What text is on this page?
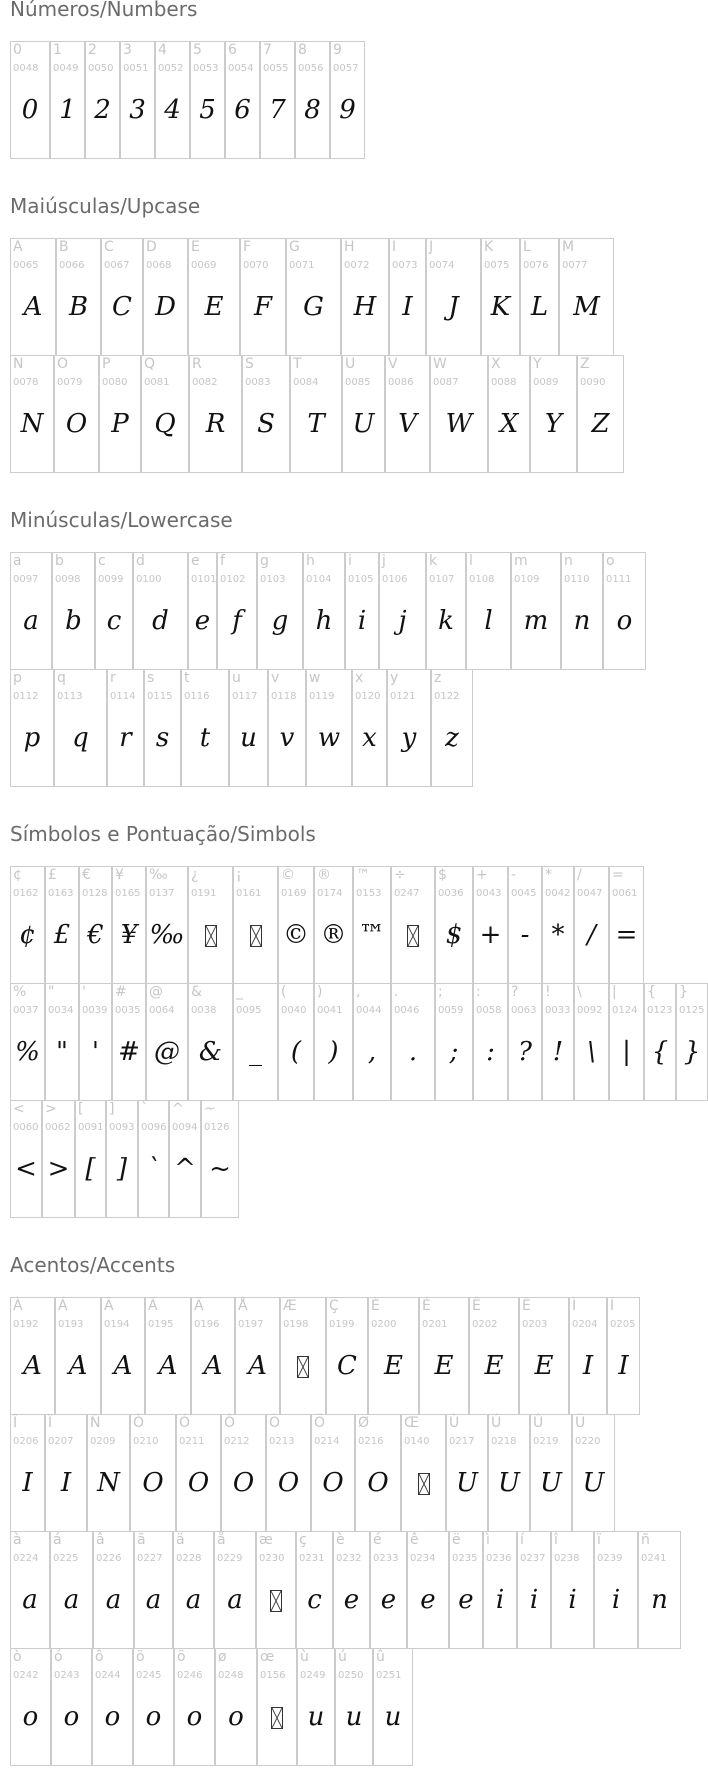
Números/Numbers
0
0048
0
1
0049
1
2
0050
2
3
0051
3
4
0052
4
5
0053
5
6
0054
6
7
0055
7
8
0056
8
9
0057
9
Maiúsculas/Upcase
A
0065
A
B
0066
B
C
0067
C
D
0068
D
E
0069
E
F
0070
F
G
0071
G
H
0072
H
I
0073
I
J
0074
J
K
0075
K
L
0076
L
M
0077
M
N
0078
N
O
0079
O
P
0080
P
Q
0081
Q
R
0082
R
S
0083
S
T
0084
T
U
0085
U
V
0086
V
W
0087
W
X
0088
X
Y
0089
Y
Z
0090
Z
Minúsculas/Lowercase
a
0097
a
b
0098
b
c
0099
c
d
0100
d
e
0101
e
f
0102
f
g
0103
g
h
0104
h
i
0105
i
j
0106
j
k
0107
k
l
0108
l
m
0109
m
n
0110
n
o
0111
o
p
0112
p
q
0113
q
r
0114
r
s
0115
s
t
0116
t
u
0117
u
v
0118
v
w
0119
w
x
0120
x
y
0121
y
z
0122
z
Símbolos e Pontuação/Simbols
¢
0162
¢
£
0163
£
€
0128
€
¥
0165
¥
‰
0137
‰
¿
0191
¡
0161
©
0169
©
®
0174
®
™
0153
™
÷
0247
$
0036
$
+
0043
+
-
0045
-
*
0042
*
/
0047
/
=
0061
=
%
0037
%
"
0034
"
'
0039
'
#
0035
#
@
0064
@
&
0038
&
_
0095
_
(
0040
(
)
0041
)
,
0044
,
.
0046
.
;
0059
;
:
0058
:
?
0063
?
!
0033
!
\
0092
\
|
0124
|
{
0123
{
}
0125
}
<
0060
<
>
0062
>
[
0091
[
]
0093
]
`
0096
`
^
0094
^
~
0126
~
Acentos/Accents
À
0192
A
Á
0193
A
Â
0194
A
Ã
0195
A
Ä
0196
A
Å
0197
A
Æ
0198
Ç
0199
C
È
0200
E
É
0201
E
Ê
0202
E
Ë
0203
E
Ì
0204
I
Í
0205
I
Î
0206
I
Ï
0207
I
Ñ
0209
N
Ò
0210
O
Ó
0211
O
Ô
0212
O
Õ
0213
O
Ö
0214
O
Ø
0216
O
Œ
0140
Ù
0217
U
Ú
0218
U
Û
0219
U
Ü
0220
U
à
0224
a
á
0225
a
â
0226
a
ã
0227
a
ä
0228
a
å
0229
a
æ
0230
ç
0231
c
è
0232
e
é
0233
e
ê
0234
e
ë
0235
e
ì
0236
i
í
0237
i
î
0238
i
ï
0239
i
ñ
0241
n
ò
0242
o
ó
0243
o
ô
0244
o
õ
0245
o
ö
0246
o
ø
0248
o
œ
0156
ù
0249
u
ú
0250
u
û
0251
u
